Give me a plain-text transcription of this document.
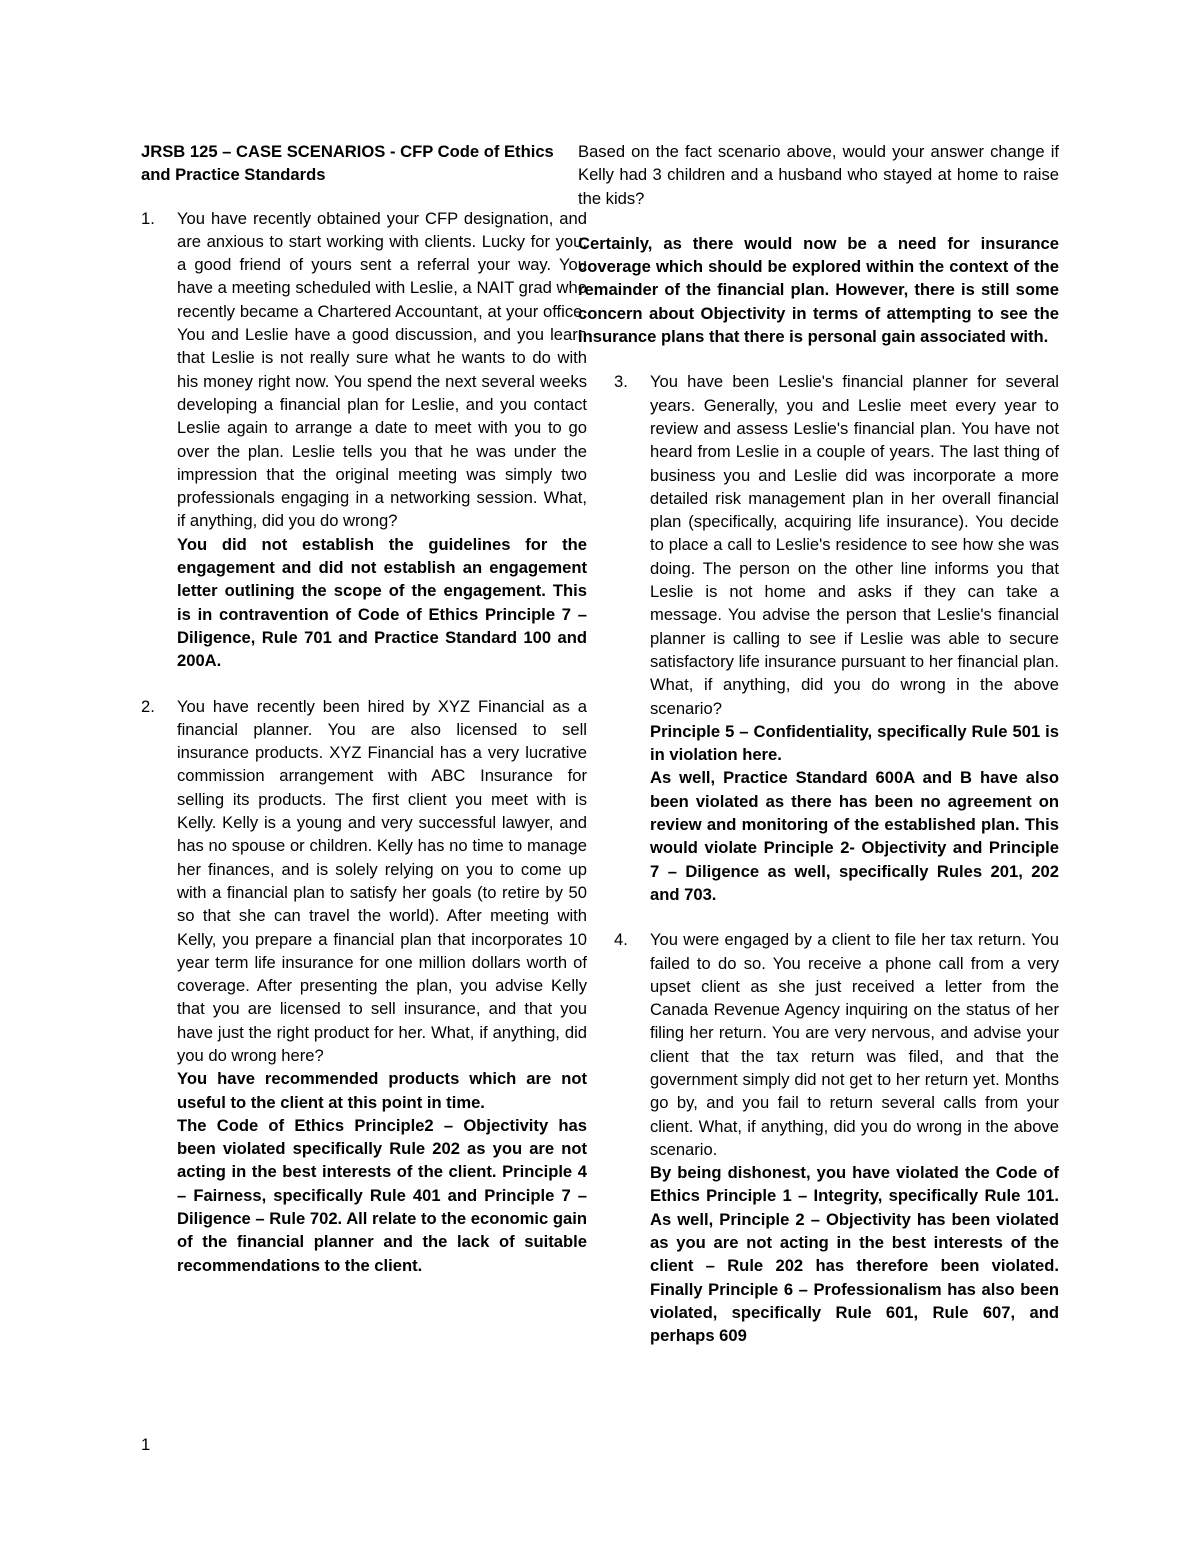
JRSB 125 – CASE SCENARIOS - CFP Code of Ethics and Practice Standards
1.	You have recently obtained your CFP designation, and are anxious to start working with clients. Lucky for you, a good friend of yours sent a referral your way. You have a meeting scheduled with Leslie, a NAIT grad who recently became a Chartered Accountant, at your office. You and Leslie have a good discussion, and you learn that Leslie is not really sure what he wants to do with his money right now. You spend the next several weeks developing a financial plan for Leslie, and you contact Leslie again to arrange a date to meet with you to go over the plan. Leslie tells you that he was under the impression that the original meeting was simply two professionals engaging in a networking session. What, if anything, did you do wrong?

You did not establish the guidelines for the engagement and did not establish an engagement letter outlining the scope of the engagement. This is in contravention of Code of Ethics Principle 7 – Diligence, Rule 701 and Practice Standard 100 and 200A.

2.	You have recently been hired by XYZ Financial as a financial planner. You are also licensed to sell insurance products. XYZ Financial has a very lucrative commission arrangement with ABC Insurance for selling its products. The first client you meet with is Kelly. Kelly is a young and very successful lawyer, and has no spouse or children. Kelly has no time to manage her finances, and is solely relying on you to come up with a financial plan to satisfy her goals (to retire by 50 so that she can travel the world). After meeting with Kelly, you prepare a financial plan that incorporates 10 year term life insurance for one million dollars worth of coverage. After presenting the plan, you advise Kelly that you are licensed to sell insurance, and that you have just the right product for her. What, if anything, did you do wrong here?

You have recommended products which are not useful to the client at this point in time.

The Code of Ethics Principle2 – Objectivity has been violated specifically Rule 202 as you are not acting in the best interests of the client. Principle 4 – Fairness, specifically Rule 401 and Principle 7 – Diligence – Rule 702. All relate to the economic gain of the financial planner and the lack of suitable recommendations to the client.

Based on the fact scenario above, would your answer change if Kelly had 3 children and a husband who stayed at home to raise the kids?

Certainly, as there would now be a need for insurance coverage which should be explored within the context of the remainder of the financial plan. However, there is still some concern about Objectivity in terms of attempting to see the insurance plans that there is personal gain associated with.

3.	You have been Leslie's financial planner for several years. Generally, you and Leslie meet every year to review and assess Leslie's financial plan. You have not heard from Leslie in a couple of years. The last thing of business you and Leslie did was incorporate a more detailed risk management plan in her overall financial plan (specifically, acquiring life insurance). You decide to place a call to Leslie's residence to see how she was doing. The person on the other line informs you that Leslie is not home and asks if they can take a message. You advise the person that Leslie's financial planner is calling to see if Leslie was able to secure satisfactory life insurance pursuant to her financial plan. What, if anything, did you do wrong in the above scenario?

Principle 5 – Confidentiality, specifically Rule 501 is in violation here.

As well, Practice Standard 600A and B have also been violated as there has been no agreement on review and monitoring of the established plan. This would violate Principle 2- Objectivity and Principle 7 – Diligence as well, specifically Rules 201, 202 and 703.

4.	You were engaged by a client to file her tax return. You failed to do so. You receive a phone call from a very upset client as she just received a letter from the Canada Revenue Agency inquiring on the status of her filing her return. You are very nervous, and advise your client that the tax return was filed, and that the government simply did not get to her return yet. Months go by, and you fail to return several calls from your client. What, if anything, did you do wrong in the above scenario.

By being dishonest, you have violated the Code of Ethics Principle 1 – Integrity, specifically Rule 101. As well, Principle 2 – Objectivity has been violated as you are not acting in the best interests of the client – Rule 202 has therefore been violated. Finally Principle 6 – Professionalism has also been violated, specifically Rule 601, Rule 607, and perhaps 609

1
